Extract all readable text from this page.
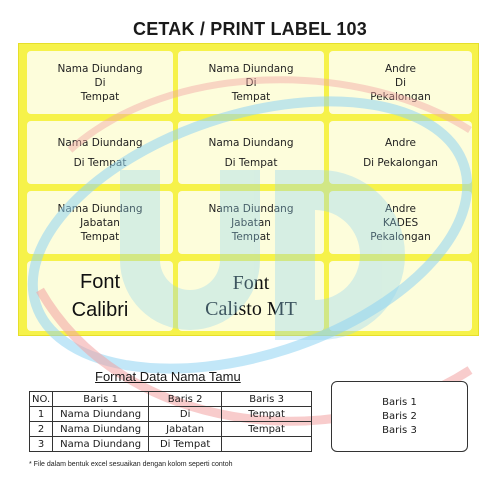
CETAK / PRINT LABEL 103
Nama Diundang
Di
Tempat
Nama Diundang
Di
Tempat
Andre
Di
Pekalongan
Nama Diundang
Di Tempat
Nama Diundang
Di Tempat
Andre
Di Pekalongan
Nama Diundang
Jabatan
Tempat
Nama Diundang
Jabatan
Tempat
Andre
KADES
Pekalongan
Font
Calibri
Font
Calisto MT
Format Data Nama Tamu
NO.	Baris 1	Baris 2	Baris 3
1	Nama Diundang	Di	Tempat
2	Nama Diundang	Jabatan	Tempat
3	Nama Diundang	Di Tempat	
* File dalam bentuk excel sesuaikan dengan kolom seperti contoh
Baris 1
Baris 2
Baris 3
